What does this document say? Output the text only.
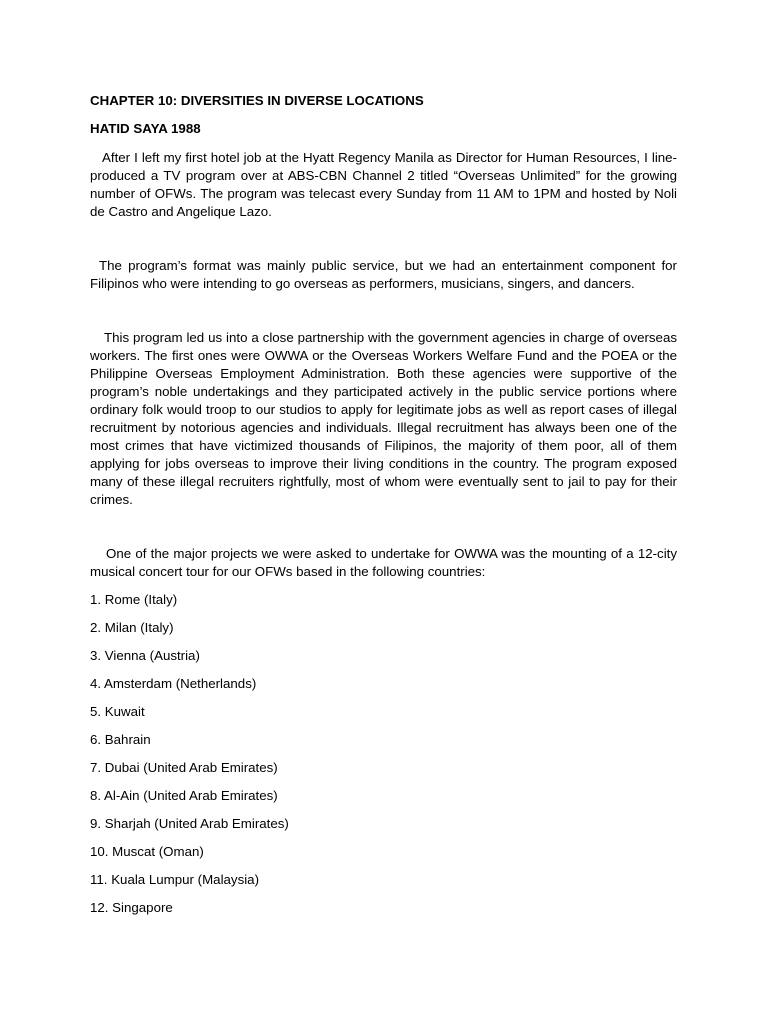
CHAPTER 10: DIVERSITIES IN DIVERSE LOCATIONS
HATID SAYA 1988

After I left my first hotel job at the Hyatt Regency Manila as Director for Human Resources, I line-produced a TV program over at ABS-CBN Channel 2 titled “Overseas Unlimited” for the growing number of OFWs. The program was telecast every Sunday from 11 AM to 1PM and hosted by Noli de Castro and Angelique Lazo.

The program’s format was mainly public service, but we had an entertainment component for Filipinos who were intending to go overseas as performers, musicians, singers, and dancers.

This program led us into a close partnership with the government agencies in charge of overseas workers. The first ones were OWWA or the Overseas Workers Welfare Fund and the POEA or the Philippine Overseas Employment Administration. Both these agencies were supportive of the program’s noble undertakings and they participated actively in the public service portions where ordinary folk would troop to our studios to apply for legitimate jobs as well as report cases of illegal recruitment by notorious agencies and individuals. Illegal recruitment has always been one of the most crimes that have victimized thousands of Filipinos, the majority of them poor, all of them applying for jobs overseas to improve their living conditions in the country. The program exposed many of these illegal recruiters rightfully, most of whom were eventually sent to jail to pay for their crimes.

One of the major projects we were asked to undertake for OWWA was the mounting of a 12-city musical concert tour for our OFWs based in the following countries:

1. Rome (Italy)
2. Milan (Italy)
3. Vienna (Austria)
4. Amsterdam (Netherlands)
5. Kuwait
6. Bahrain
7. Dubai (United Arab Emirates)
8. Al-Ain (United Arab Emirates)
9. Sharjah (United Arab Emirates)
10. Muscat (Oman)
11. Kuala Lumpur (Malaysia)
12. Singapore
